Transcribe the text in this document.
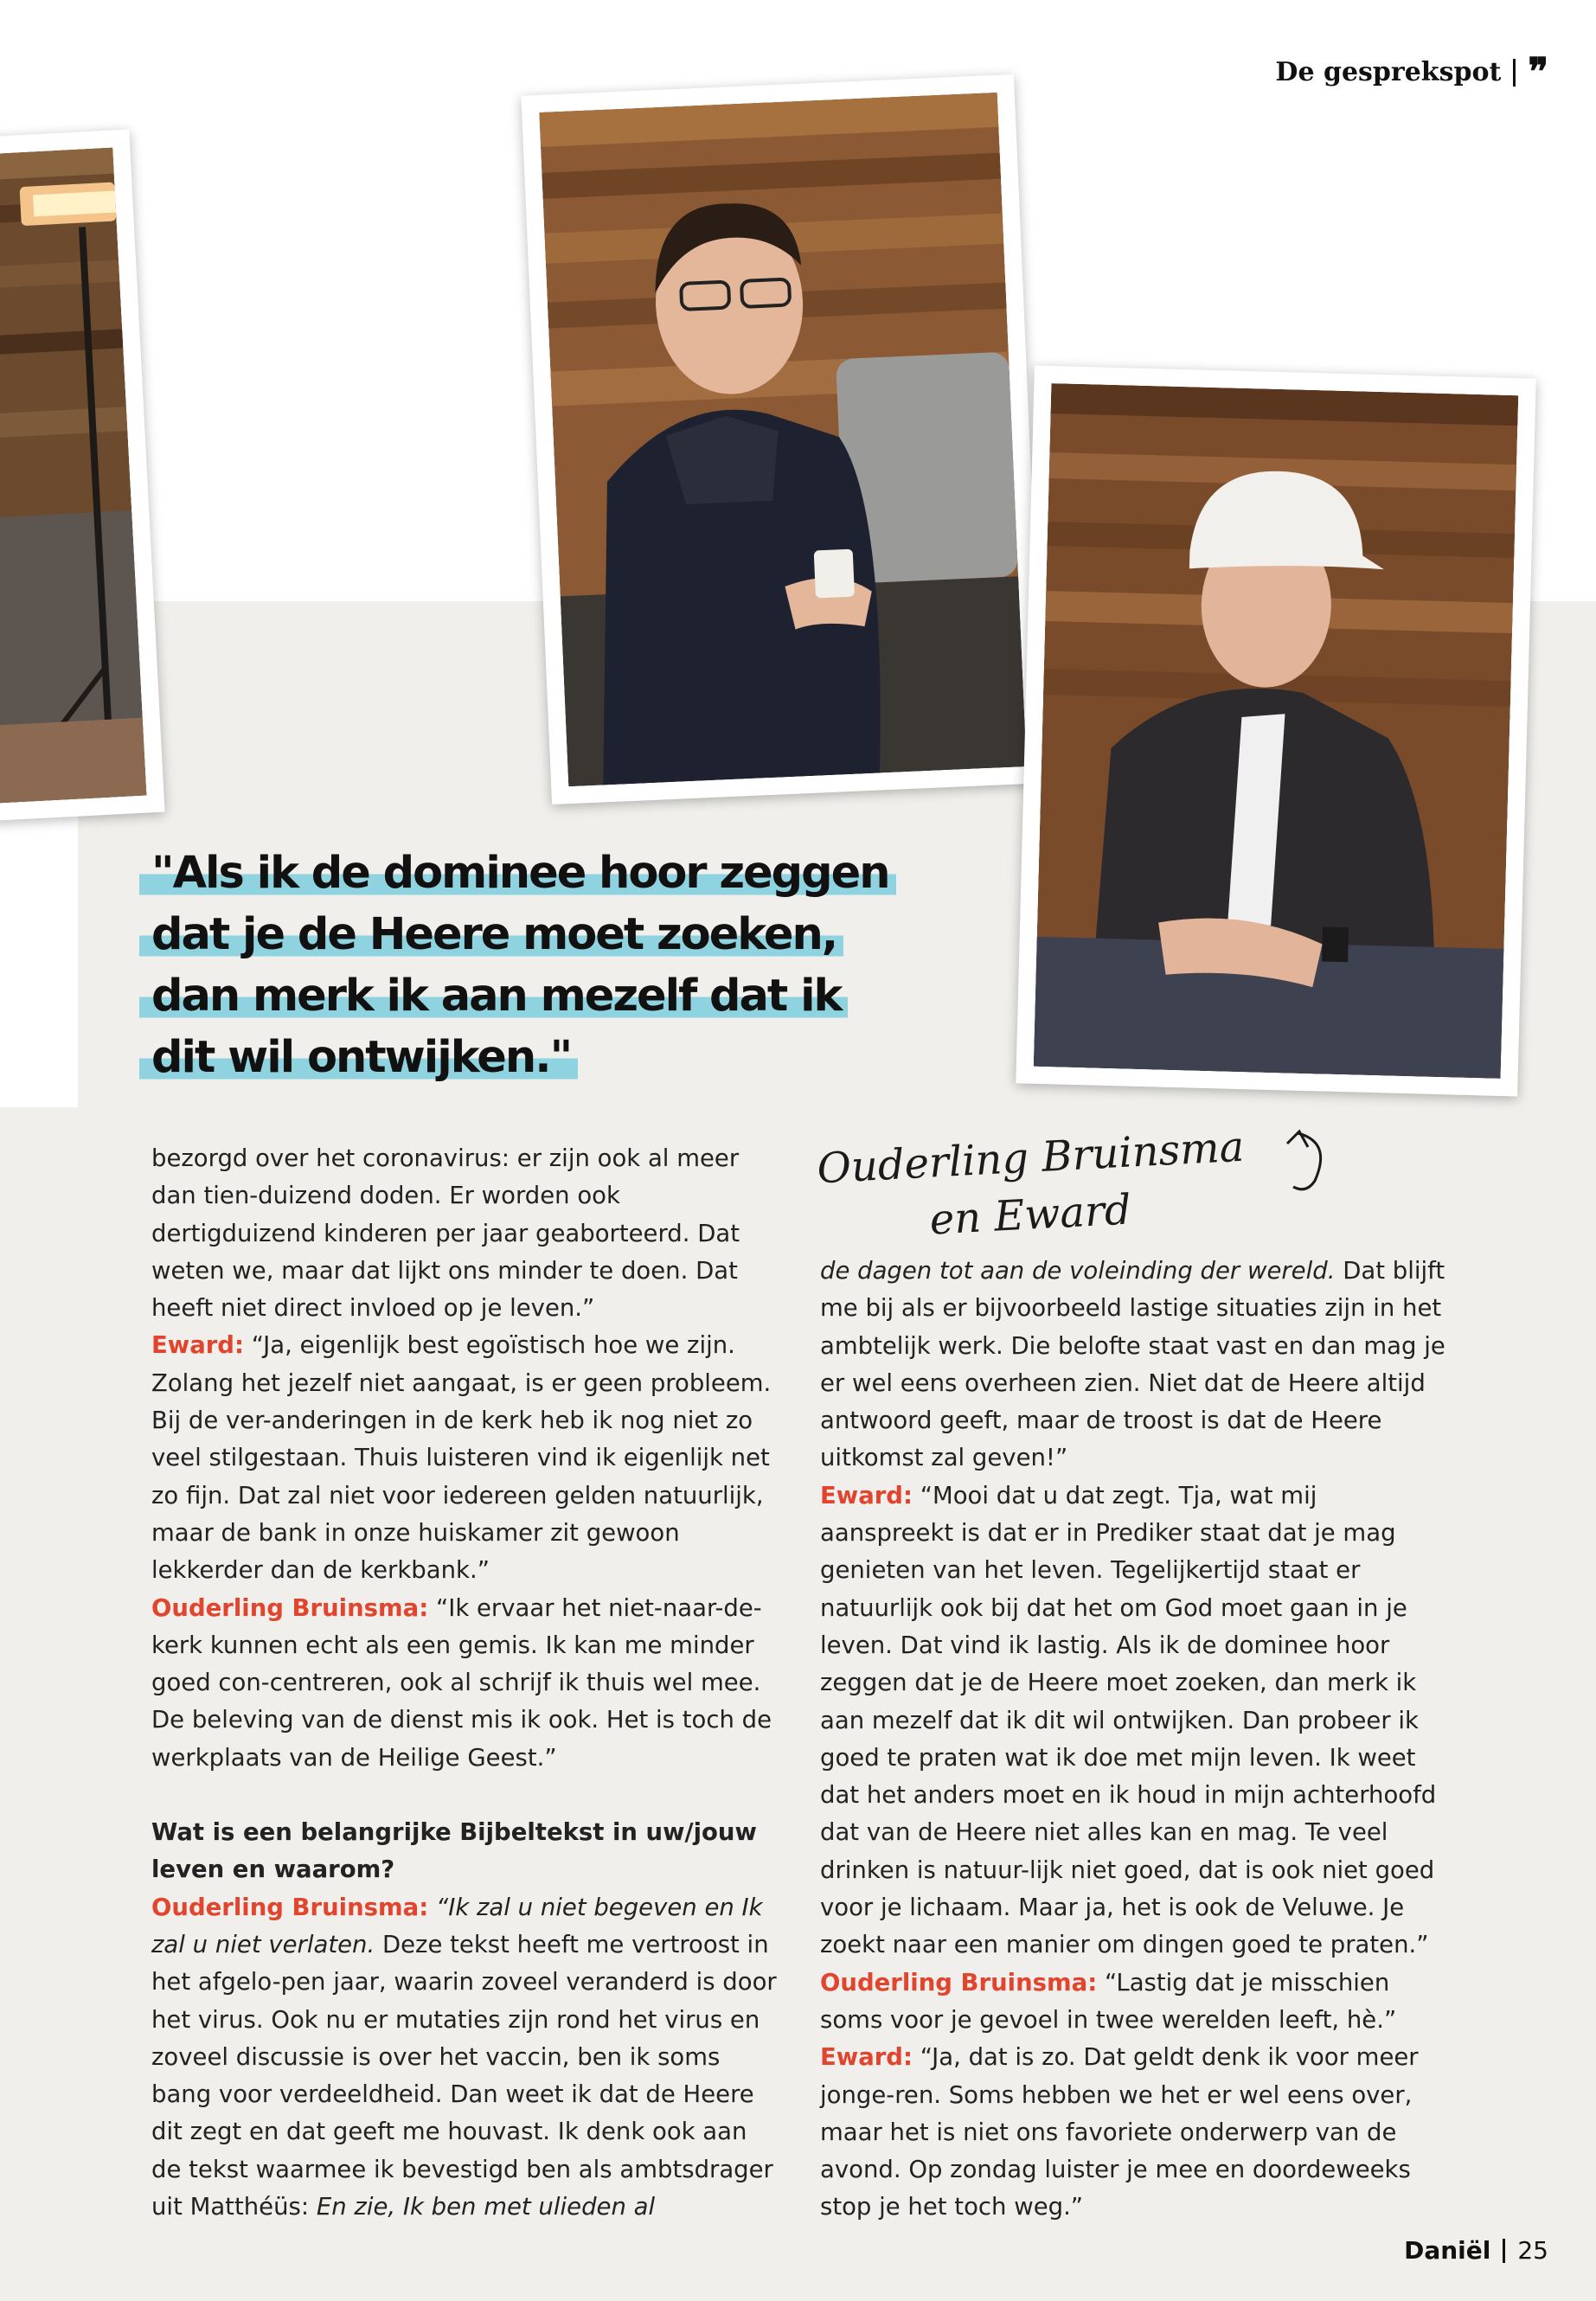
De gesprekspot ❞
"Als ik de dominee hoor zeggen
dat je de Heere moet zoeken,
dan merk ik aan mezelf dat ik
dit wil ontwijken."
Ouderling Bruinsma
en Eward

bezorgd over het coronavirus: er zijn ook al meer dan tien-duizend doden. Er worden ook dertigduizend kinderen per jaar geaborteerd. Dat weten we, maar dat lijkt ons minder te doen. Dat heeft niet direct invloed op je leven.”

Eward: “Ja, eigenlijk best egoïstisch hoe we zijn. Zolang het jezelf niet aangaat, is er geen probleem. Bij de ver-anderingen in de kerk heb ik nog niet zo veel stilgestaan. Thuis luisteren vind ik eigenlijk net zo fijn. Dat zal niet voor iedereen gelden natuurlijk, maar de bank in onze huiskamer zit gewoon lekkerder dan de kerkbank.”

Ouderling Bruinsma: “Ik ervaar het niet-naar-de-kerk kunnen echt als een gemis. Ik kan me minder goed con-centreren, ook al schrijf ik thuis wel mee. De beleving van de dienst mis ik ook. Het is toch de werkplaats van de Heilige Geest.”

Wat is een belangrijke Bijbeltekst in uw/jouw leven en waarom?

Ouderling Bruinsma: “Ik zal u niet begeven en Ik zal u niet verlaten. Deze tekst heeft me vertroost in het afgelo-pen jaar, waarin zoveel veranderd is door het virus. Ook nu er mutaties zijn rond het virus en zoveel discussie is over het vaccin, ben ik soms bang voor verdeeldheid. Dan weet ik dat de Heere dit zegt en dat geeft me houvast. Ik denk ook aan de tekst waarmee ik bevestigd ben als ambtsdrager uit Matthéüs: En zie, Ik ben met ulieden al

de dagen tot aan de voleinding der wereld. Dat blijft me bij als er bijvoorbeeld lastige situaties zijn in het ambtelijk werk. Die belofte staat vast en dan mag je er wel eens overheen zien. Niet dat de Heere altijd antwoord geeft, maar de troost is dat de Heere uitkomst zal geven!”

Eward: “Mooi dat u dat zegt. Tja, wat mij aanspreekt is dat er in Prediker staat dat je mag genieten van het leven. Tegelijkertijd staat er natuurlijk ook bij dat het om God moet gaan in je leven. Dat vind ik lastig. Als ik de dominee hoor zeggen dat je de Heere moet zoeken, dan merk ik aan mezelf dat ik dit wil ontwijken. Dan probeer ik goed te praten wat ik doe met mijn leven. Ik weet dat het anders moet en ik houd in mijn achterhoofd dat van de Heere niet alles kan en mag. Te veel drinken is natuur-lijk niet goed, dat is ook niet goed voor je lichaam. Maar ja, het is ook de Veluwe. Je zoekt naar een manier om dingen goed te praten.”

Ouderling Bruinsma: “Lastig dat je misschien soms voor je gevoel in twee werelden leeft, hè.”

Eward: “Ja, dat is zo. Dat geldt denk ik voor meer jonge-ren. Soms hebben we het er wel eens over, maar het is niet ons favoriete onderwerp van de avond. Op zondag luister je mee en doordeweeks stop je het toch weg.”

Daniël 25
